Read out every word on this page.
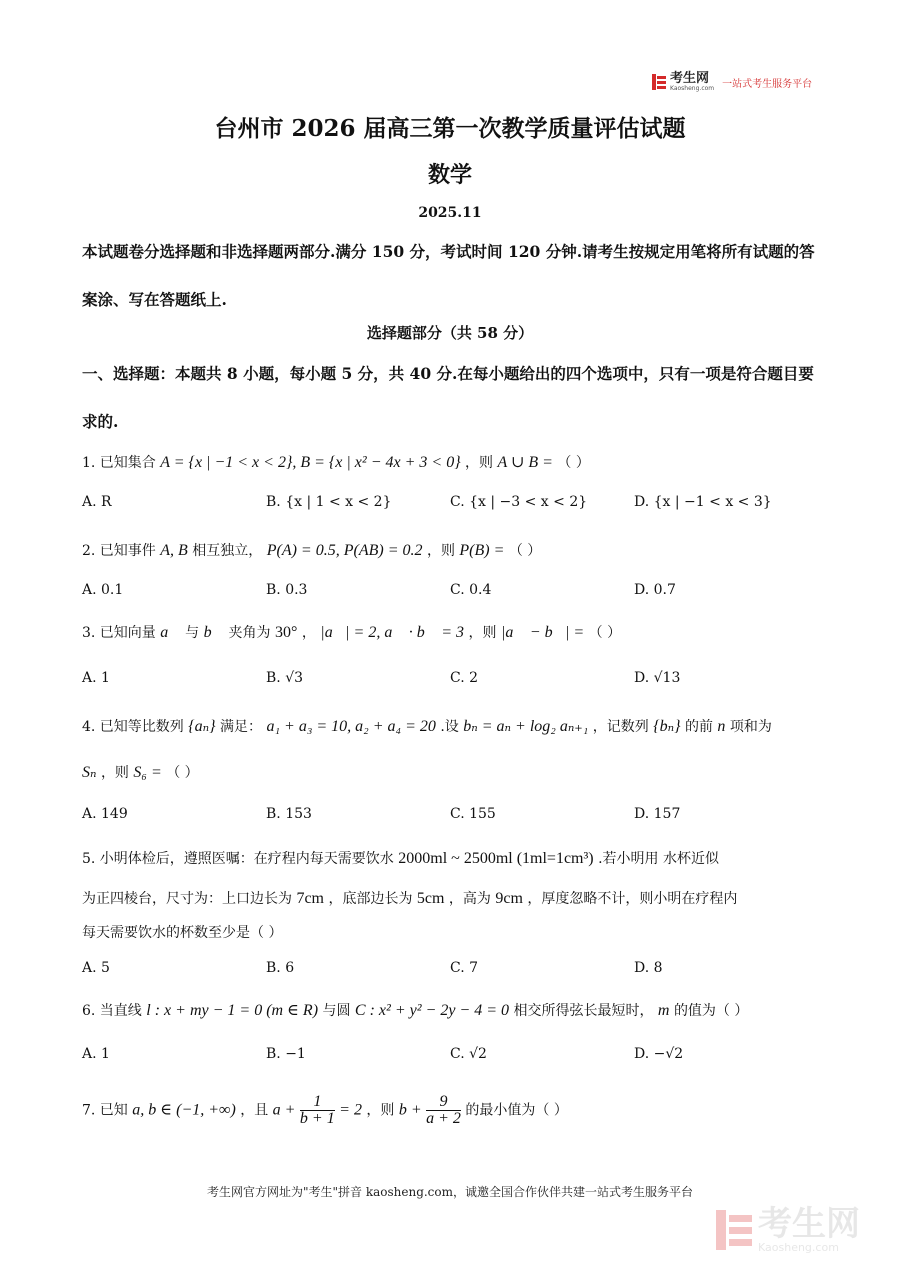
考生网
Kaosheng.com 一站式考生服务平台
台州市 2026 届高三第一次教学质量评估试题
数学
2025.11
本试题卷分选择题和非选择题两部分.满分 150 分，考试时间 120 分钟.请考生按规定用笔将所有试题的答案涂、写在答题纸上.
选择题部分（共 58 分）
一、选择题：本题共 8 小题，每小题 5 分，共 40 分.在每小题给出的四个选项中，只有一项是符合题目要求的.
1. 已知集合 A = {x | −1 < x < 2}, B = {x | x² − 4x + 3 < 0} ，则 A ∪ B = （ ）
A. R	B. {x | 1 < x < 2}	C. {x | −3 < x < 2}	D. {x | −1 < x < 3}
2. 已知事件 A, B 相互独立， P(A) = 0.5, P(AB) = 0.2 ，则 P(B) = （ ）
A. 0.1	B. 0.3	C. 0.4	D. 0.7
3. 已知向量 a⃗ 与 b⃗ 夹角为 30° ， |a⃗| = 2, a⃗ · b⃗ = 3 ，则 |a⃗ − b⃗| = （ ）
A. 1	B. √3	C. 2	D. √13
4. 已知等比数列 {aₙ} 满足： a₁ + a₃ = 10, a₂ + a₄ = 20 .设 bₙ = aₙ + log₂ aₙ₊₁ ，记数列 {bₙ} 的前 n 项和为
Sₙ ，则 S₆ = （ ）
A. 149	B. 153	C. 155	D. 157
5. 小明体检后，遵照医嘱：在疗程内每天需要饮水 2000ml ~ 2500ml (1ml=1cm³) .若小明用 水杯近似
为正四棱台，尺寸为：上口边长为 7cm ，底部边长为 5cm ，高为 9cm ，厚度忽略不计，则小明在疗程内
每天需要饮水的杯数至少是（ ）
A. 5	B. 6	C. 7	D. 8
6. 当直线 l : x + my − 1 = 0 (m ∈ R) 与圆 C : x² + y² − 2y − 4 = 0 相交所得弦长最短时， m 的值为（ ）
A. 1	B. −1	C. √2	D. −√2
7. 已知 a, b ∈ (−1, +∞) ，且 $a + \frac{1}{b + 1} = 2$ ，则 $b + \frac{9}{a + 2}$ 的最小值为（ ）
考生网官方网址为"考生"拼音 kaosheng.com，诚邀全国合作伙伴共建一站式考生服务平台
考生网
Kaosheng.com
